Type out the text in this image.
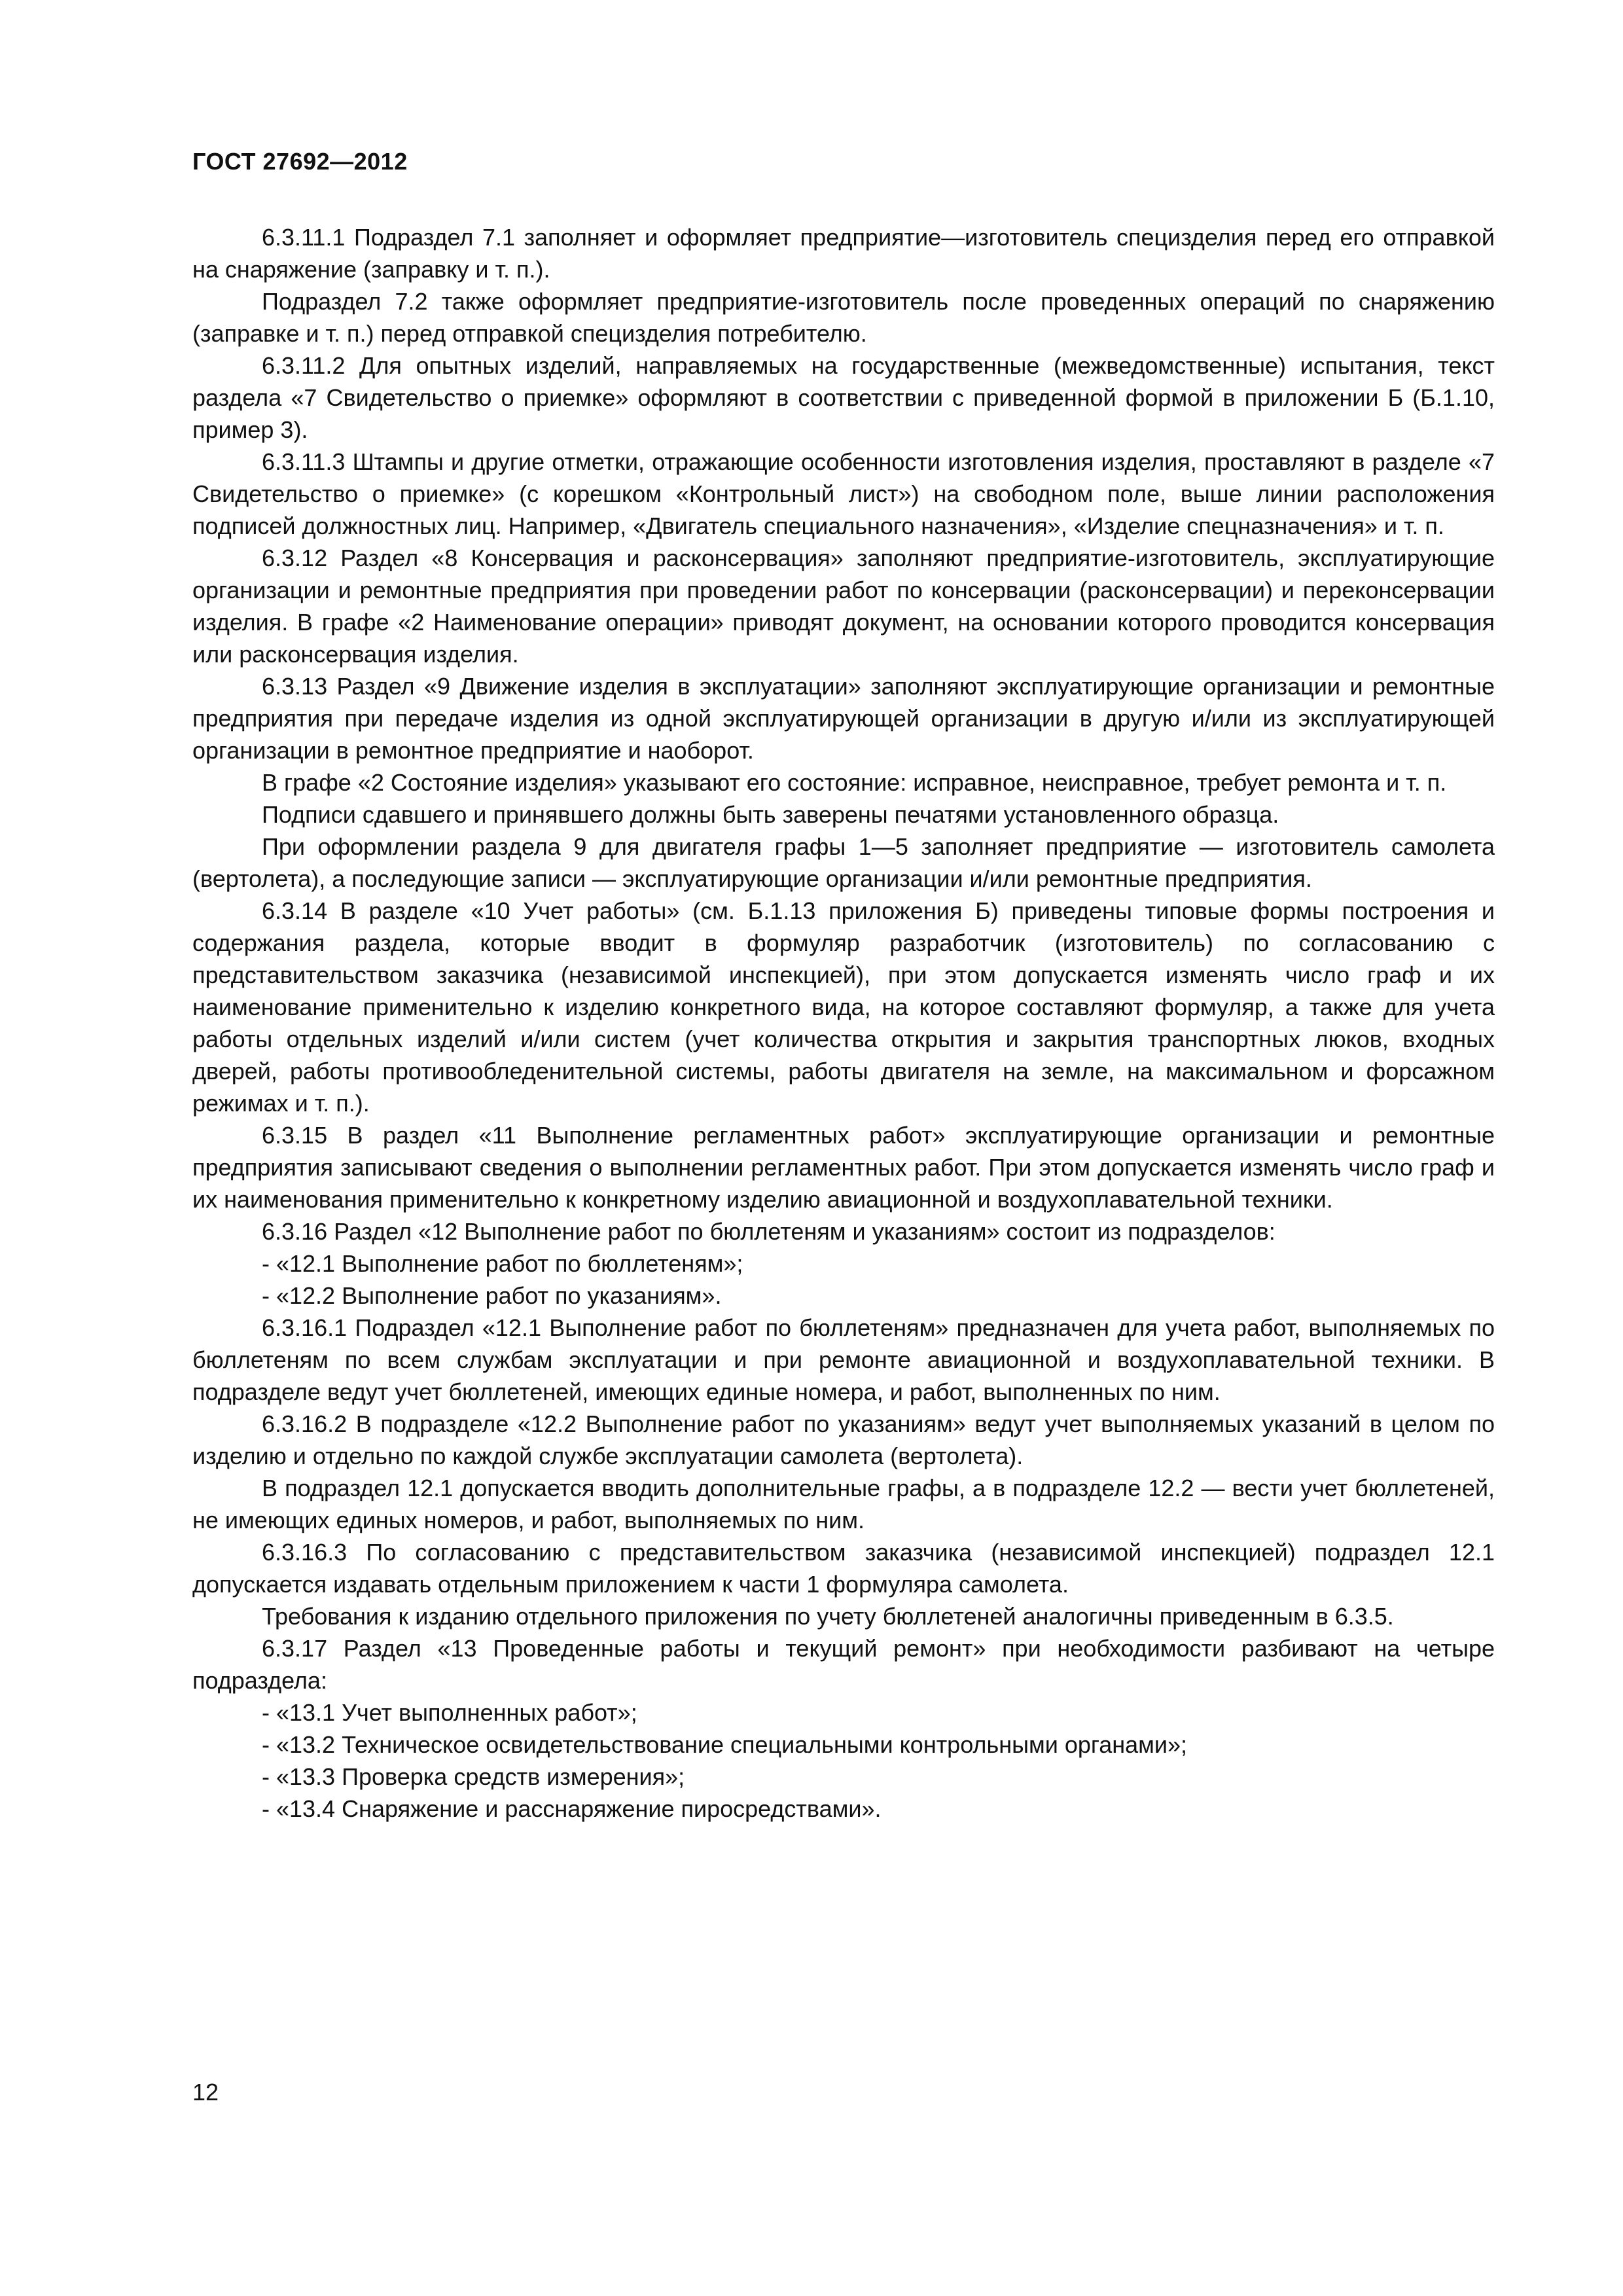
ГОСТ 27692—2012

6.3.11.1 Подраздел 7.1 заполняет и оформляет предприятие—изготовитель специзделия перед его отправкой на снаряжение (заправку и т. п.).

Подраздел 7.2 также оформляет предприятие-изготовитель после проведенных операций по снаряжению (заправке и т. п.) перед отправкой специзделия потребителю.

6.3.11.2 Для опытных изделий, направляемых на государственные (межведомственные) испытания, текст раздела «7 Свидетельство о приемке» оформляют в соответствии с приведенной формой в приложении Б (Б.1.10, пример 3).

6.3.11.3 Штампы и другие отметки, отражающие особенности изготовления изделия, проставляют в разделе «7 Свидетельство о приемке» (с корешком «Контрольный лист») на свободном поле, выше линии расположения подписей должностных лиц. Например, «Двигатель специального назначения», «Изделие спецназначения» и т. п.

6.3.12 Раздел «8 Консервация и расконсервация» заполняют предприятие-изготовитель, эксплуатирующие организации и ремонтные предприятия при проведении работ по консервации (расконсервации) и переконсервации изделия. В графе «2 Наименование операции» приводят документ, на основании которого проводится консервация или расконсервация изделия.

6.3.13 Раздел «9 Движение изделия в эксплуатации» заполняют эксплуатирующие организации и ремонтные предприятия при передаче изделия из одной эксплуатирующей организации в другую и/или из эксплуатирующей организации в ремонтное предприятие и наоборот.

В графе «2 Состояние изделия» указывают его состояние: исправное, неисправное, требует ремонта и т. п.

Подписи сдавшего и принявшего должны быть заверены печатями установленного образца.

При оформлении раздела 9 для двигателя графы 1—5 заполняет предприятие — изготовитель самолета (вертолета), а последующие записи — эксплуатирующие организации и/или ремонтные предприятия.

6.3.14 В разделе «10 Учет работы» (см. Б.1.13 приложения Б) приведены типовые формы построения и содержания раздела, которые вводит в формуляр разработчик (изготовитель) по согласованию с представительством заказчика (независимой инспекцией), при этом допускается изменять число граф и их наименование применительно к изделию конкретного вида, на которое составляют формуляр, а также для учета работы отдельных изделий и/или систем (учет количества открытия и закрытия транспортных люков, входных дверей, работы противообледенительной системы, работы двигателя на земле, на максимальном и форсажном режимах и т. п.).

6.3.15 В раздел «11 Выполнение регламентных работ» эксплуатирующие организации и ремонтные предприятия записывают сведения о выполнении регламентных работ. При этом допускается изменять число граф и их наименования применительно к конкретному изделию авиационной и воздухоплавательной техники.

6.3.16 Раздел «12 Выполнение работ по бюллетеням и указаниям» состоит из подразделов:

- «12.1 Выполнение работ по бюллетеням»;

- «12.2 Выполнение работ по указаниям».

6.3.16.1 Подраздел «12.1 Выполнение работ по бюллетеням» предназначен для учета работ, выполняемых по бюллетеням по всем службам эксплуатации и при ремонте авиационной и воздухоплавательной техники. В подразделе ведут учет бюллетеней, имеющих единые номера, и работ, выполненных по ним.

6.3.16.2 В подразделе «12.2 Выполнение работ по указаниям» ведут учет выполняемых указаний в целом по изделию и отдельно по каждой службе эксплуатации самолета (вертолета).

В подраздел 12.1 допускается вводить дополнительные графы, а в подразделе 12.2 — вести учет бюллетеней, не имеющих единых номеров, и работ, выполняемых по ним.

6.3.16.3 По согласованию с представительством заказчика (независимой инспекцией) подраздел 12.1 допускается издавать отдельным приложением к части 1 формуляра самолета.

Требования к изданию отдельного приложения по учету бюллетеней аналогичны приведенным в 6.3.5.

6.3.17 Раздел «13 Проведенные работы и текущий ремонт» при необходимости разбивают на четыре подраздела:

- «13.1 Учет выполненных работ»;

- «13.2 Техническое освидетельствование специальными контрольными органами»;

- «13.3 Проверка средств измерения»;

- «13.4 Снаряжение и расснаряжение пиросредствами».

12
